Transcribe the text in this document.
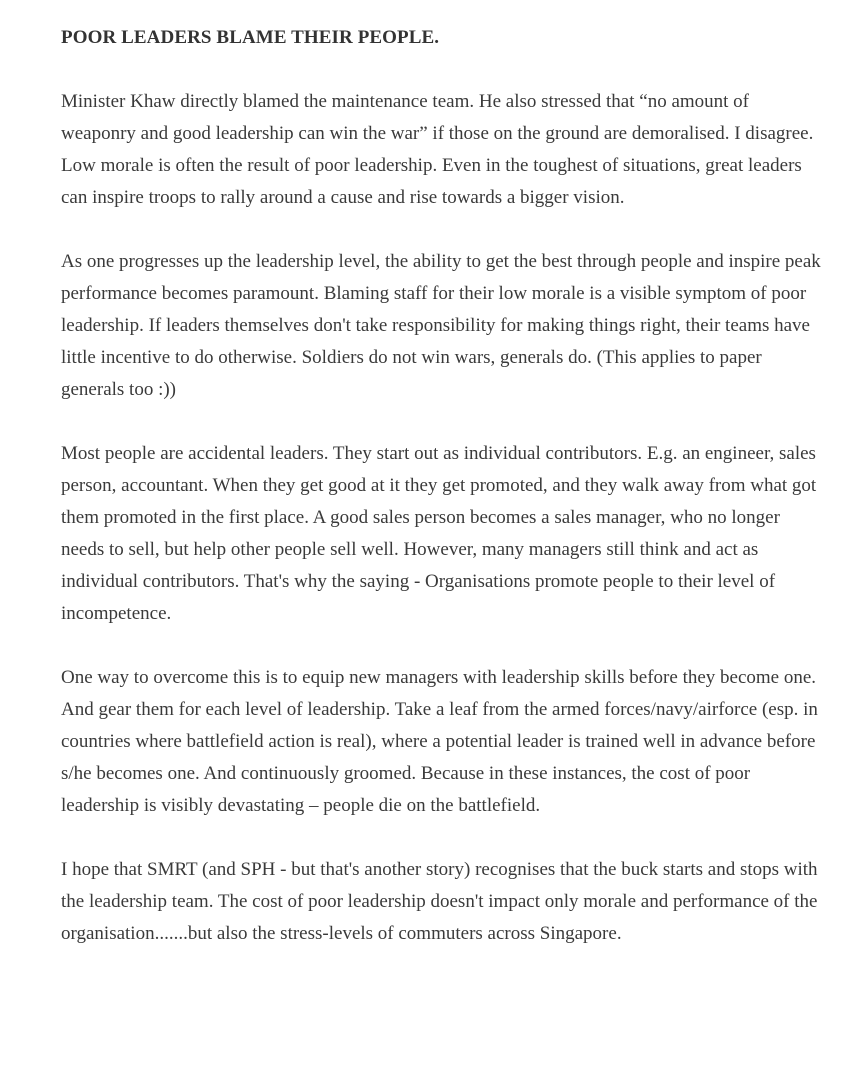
POOR LEADERS BLAME THEIR PEOPLE.

Minister Khaw directly blamed the maintenance team. He also stressed that “no amount of weaponry and good leadership can win the war” if those on the ground are demoralised. I disagree. Low morale is often the result of poor leadership. Even in the toughest of situations, great leaders can inspire troops to rally around a cause and rise towards a bigger vision.

As one progresses up the leadership level, the ability to get the best through people and inspire peak performance becomes paramount. Blaming staff for their low morale is a visible symptom of poor leadership. If leaders themselves don't take responsibility for making things right, their teams have little incentive to do otherwise. Soldiers do not win wars, generals do. (This applies to paper generals too :))

Most people are accidental leaders. They start out as individual contributors. E.g. an engineer, sales person, accountant. When they get good at it they get promoted, and they walk away from what got them promoted in the first place. A good sales person becomes a sales manager, who no longer needs to sell, but help other people sell well. However, many managers still think and act as individual contributors. That's why the saying - Organisations promote people to their level of incompetence.

One way to overcome this is to equip new managers with leadership skills before they become one. And gear them for each level of leadership. Take a leaf from the armed forces/navy/airforce (esp. in countries where battlefield action is real), where a potential leader is trained well in advance before s/he becomes one. And continuously groomed. Because in these instances, the cost of poor leadership is visibly devastating – people die on the battlefield.

I hope that SMRT (and SPH - but that's another story) recognises that the buck starts and stops with the leadership team. The cost of poor leadership doesn't impact only morale and performance of the organisation.......but also the stress-levels of commuters across Singapore.
